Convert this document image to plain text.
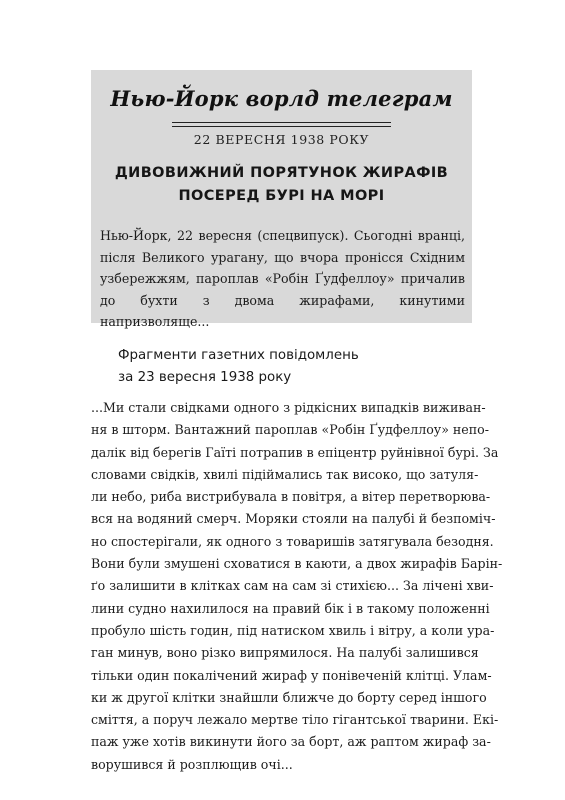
Нью-Йорк ворлд телеграм
22 ВЕРЕСНЯ 1938 РОКУ
ДИВОВИЖНИЙ ПОРЯТУНОК ЖИРАФІВ
ПОСЕРЕД БУРІ НА МОРІ
Нью-Йорк, 22 вересня (спецвипуск). Сьогодні вранці, після Великого урагану, що вчора пронісся Східним узбережжям, пароплав «Робін Ґудфеллоу» причалив до бухти з двома жирафами, кинутими напризволяще...
Фрагменти газетних повідомлень
за 23 вересня 1938 року
...Ми стали свідками одного з рідкісних випадків виживан-
ня в шторм. Вантажний пароплав «Робін Ґудфеллоу» непо-
далік від берегів Гаїті потрапив в епіцентр руйнівної бурі. За
словами свідків, хвилі підіймались так високо, що затуля-
ли небо, риба вистрибувала в повітря, а вітер перетворюва-
вся на водяний смерч. Моряки стояли на палубі й безпоміч-
но спостерігали, як одного з товаришів затягувала безодня.
Вони були змушені сховатися в каюти, а двох жирафів Барін-
ґо залишити в клітках сам на сам зі стихією... За лічені хви-
лини судно нахилилося на правий бік і в такому положенні
пробуло шість годин, під натиском хвиль і вітру, а коли ура-
ган минув, воно різко випрямилося. На палубі залишився
тільки один покалічений жираф у понівеченій клітці. Улам-
ки ж другої клітки знайшли ближче до борту серед іншого
сміття, а поруч лежало мертве тіло гігантської тварини. Екі-
паж уже хотів викинути його за борт, аж раптом жираф за-
ворушився й розплющив очі...
